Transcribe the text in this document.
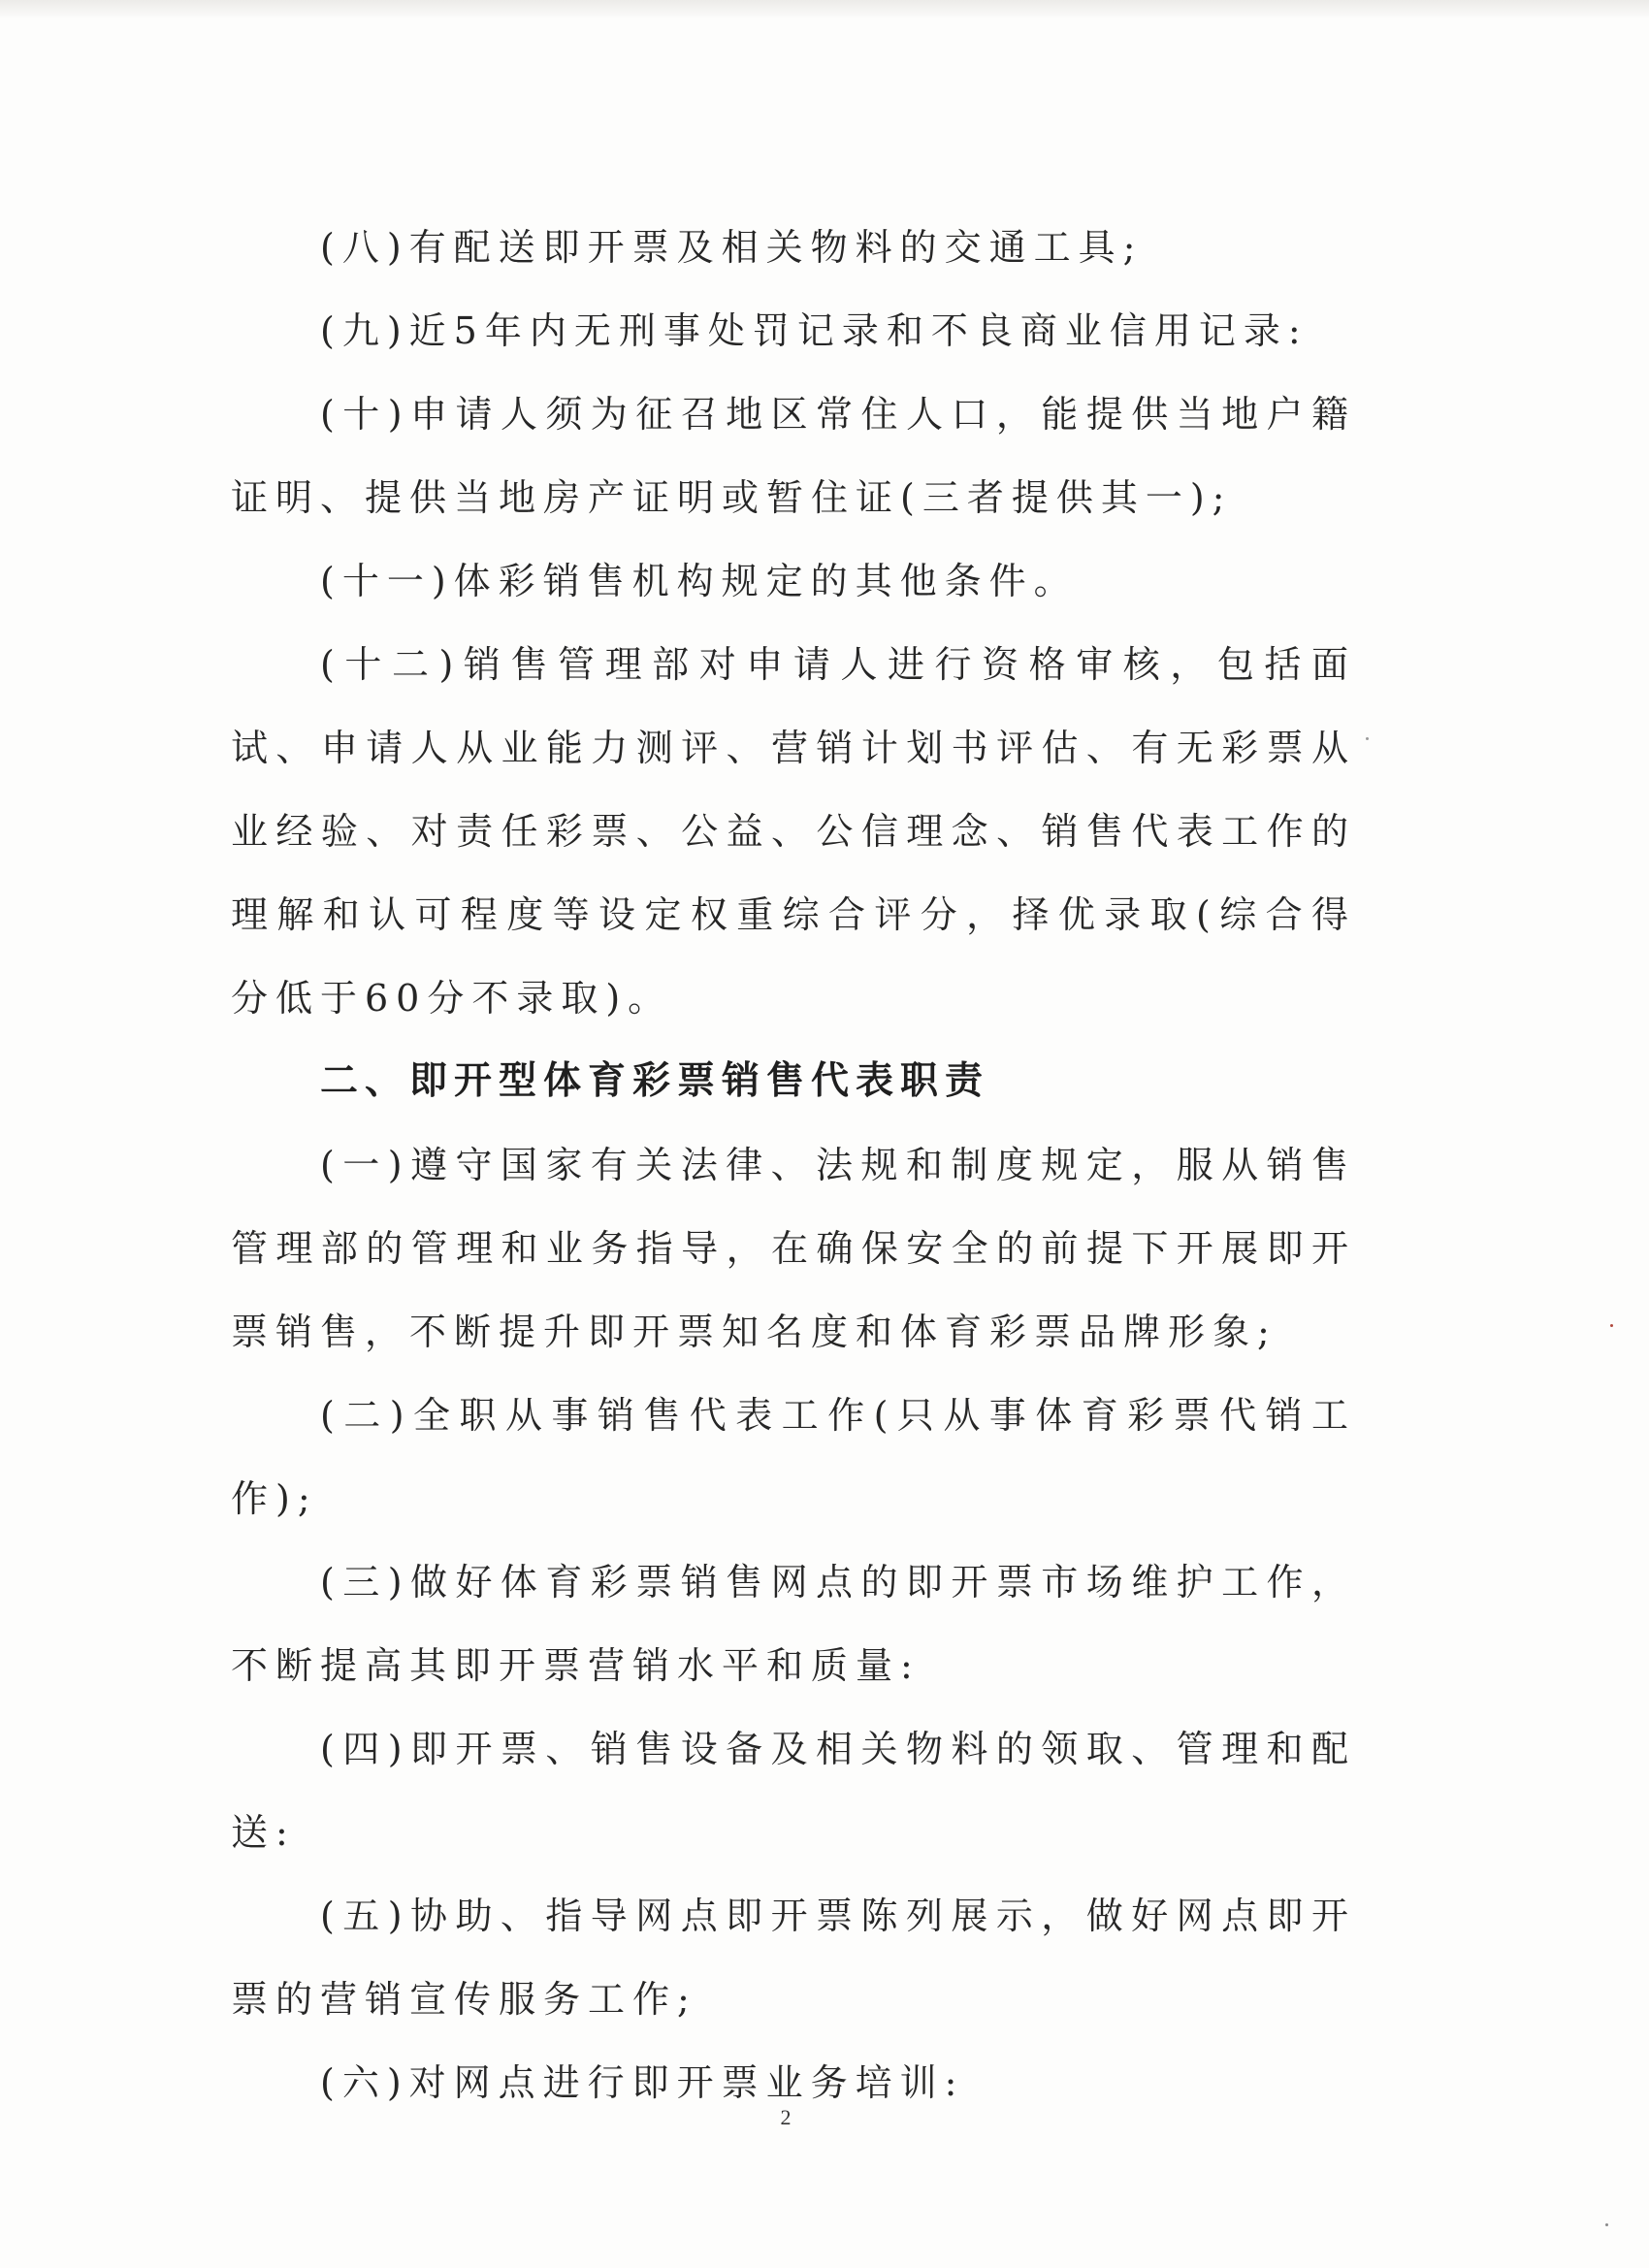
(八)有配送即开票及相关物料的交通工具;

(九)近5年内无刑事处罚记录和不良商业信用记录:

(十)申请人须为征召地区常住人口，能提供当地户籍证明、提供当地房产证明或暂住证(三者提供其一);

(十一)体彩销售机构规定的其他条件。

(十二)销售管理部对申请人进行资格审核，包括面试、申请人从业能力测评、营销计划书评估、有无彩票从业经验、对责任彩票、公益、公信理念、销售代表工作的理解和认可程度等设定权重综合评分，择优录取(综合得分低于60分不录取)。

二、即开型体育彩票销售代表职责

(一)遵守国家有关法律、法规和制度规定，服从销售管理部的管理和业务指导，在确保安全的前提下开展即开票销售，不断提升即开票知名度和体育彩票品牌形象;

(二)全职从事销售代表工作(只从事体育彩票代销工作);

(三)做好体育彩票销售网点的即开票市场维护工作，不断提高其即开票营销水平和质量:

(四)即开票、销售设备及相关物料的领取、管理和配送:

(五)协助、指导网点即开票陈列展示，做好网点即开票的营销宣传服务工作;

(六)对网点进行即开票业务培训:

2
